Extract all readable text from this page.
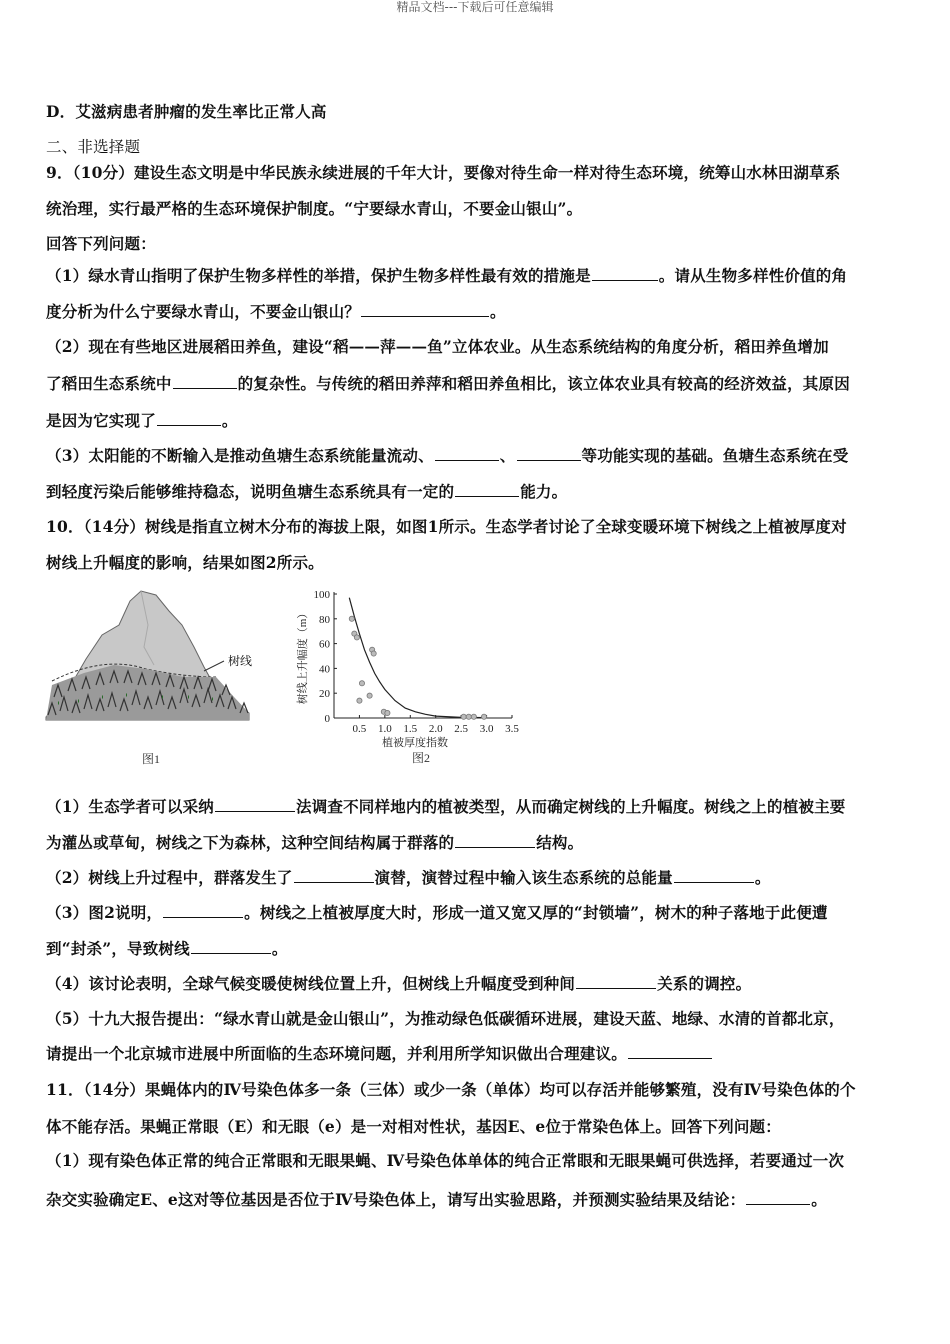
精品文档---下载后可任意编辑
D．艾滋病患者肿瘤的发生率比正常人高
二、非选择题
9．（10分）建设生态文明是中华民族永续进展的千年大计，要像对待生命一样对待生态环境，统筹山水林田湖草系
统治理，实行最严格的生态环境保护制度。“宁要绿水青山，不要金山银山”。
回答下列问题：
（1）绿水青山指明了保护生物多样性的举措，保护生物多样性最有效的措施是	。请从生物多样性价值的角
度分析为什么宁要绿水青山，不要金山银山？	。
（2）现在有些地区进展稻田养鱼，建设“稻——萍——鱼”立体农业。从生态系统结构的角度分析，稻田养鱼增加
了稻田生态系统中	的复杂性。与传统的稻田养萍和稻田养鱼相比，该立体农业具有较高的经济效益，其原因
是因为它实现了	。
（3）太阳能的不断输入是推动鱼塘生态系统能量流动、	、	等功能实现的基础。鱼塘生态系统在受
到轻度污染后能够维持稳态，说明鱼塘生态系统具有一定的	能力。
10．（14分）树线是指直立树木分布的海拔上限，如图1所示。生态学者讨论了全球变暖环境下树线之上植被厚度对
树线上升幅度的影响，结果如图2所示。
树线
图1
0
20
40
60
80
100
0.5 1.0 1.5 2.0 2.5 3.0 3.5
树线上升幅度（m）
植被厚度指数
图2
（1）生态学者可以采纳	法调查不同样地内的植被类型，从而确定树线的上升幅度。树线之上的植被主要
为灌丛或草甸，树线之下为森林，这种空间结构属于群落的	结构。
（2）树线上升过程中，群落发生了	演替，演替过程中输入该生态系统的总能量	。
（3）图2说明，	。树线之上植被厚度大时，形成一道又宽又厚的“封锁墙”，树木的种子落地于此便遭
到“封杀”，导致树线	。
（4）该讨论表明，全球气候变暖使树线位置上升，但树线上升幅度受到种间	关系的调控。
（5）十九大报告提出：“绿水青山就是金山银山”，为推动绿色低碳循环进展，建设天蓝、地绿、水清的首都北京，
请提出一个北京城市进展中所面临的生态环境问题，并利用所学知识做出合理建议。
11．（14分）果蝇体内的Ⅳ号染色体多一条（三体）或少一条（单体）均可以存活并能够繁殖，没有Ⅳ号染色体的个
体不能存活。果蝇正常眼（E）和无眼（e）是一对相对性状，基因E、e位于常染色体上。回答下列问题：
（1）现有染色体正常的纯合正常眼和无眼果蝇、Ⅳ号染色体单体的纯合正常眼和无眼果蝇可供选择，若要通过一次
杂交实验确定E、e这对等位基因是否位于Ⅳ号染色体上，请写出实验思路，并预测实验结果及结论：	。
